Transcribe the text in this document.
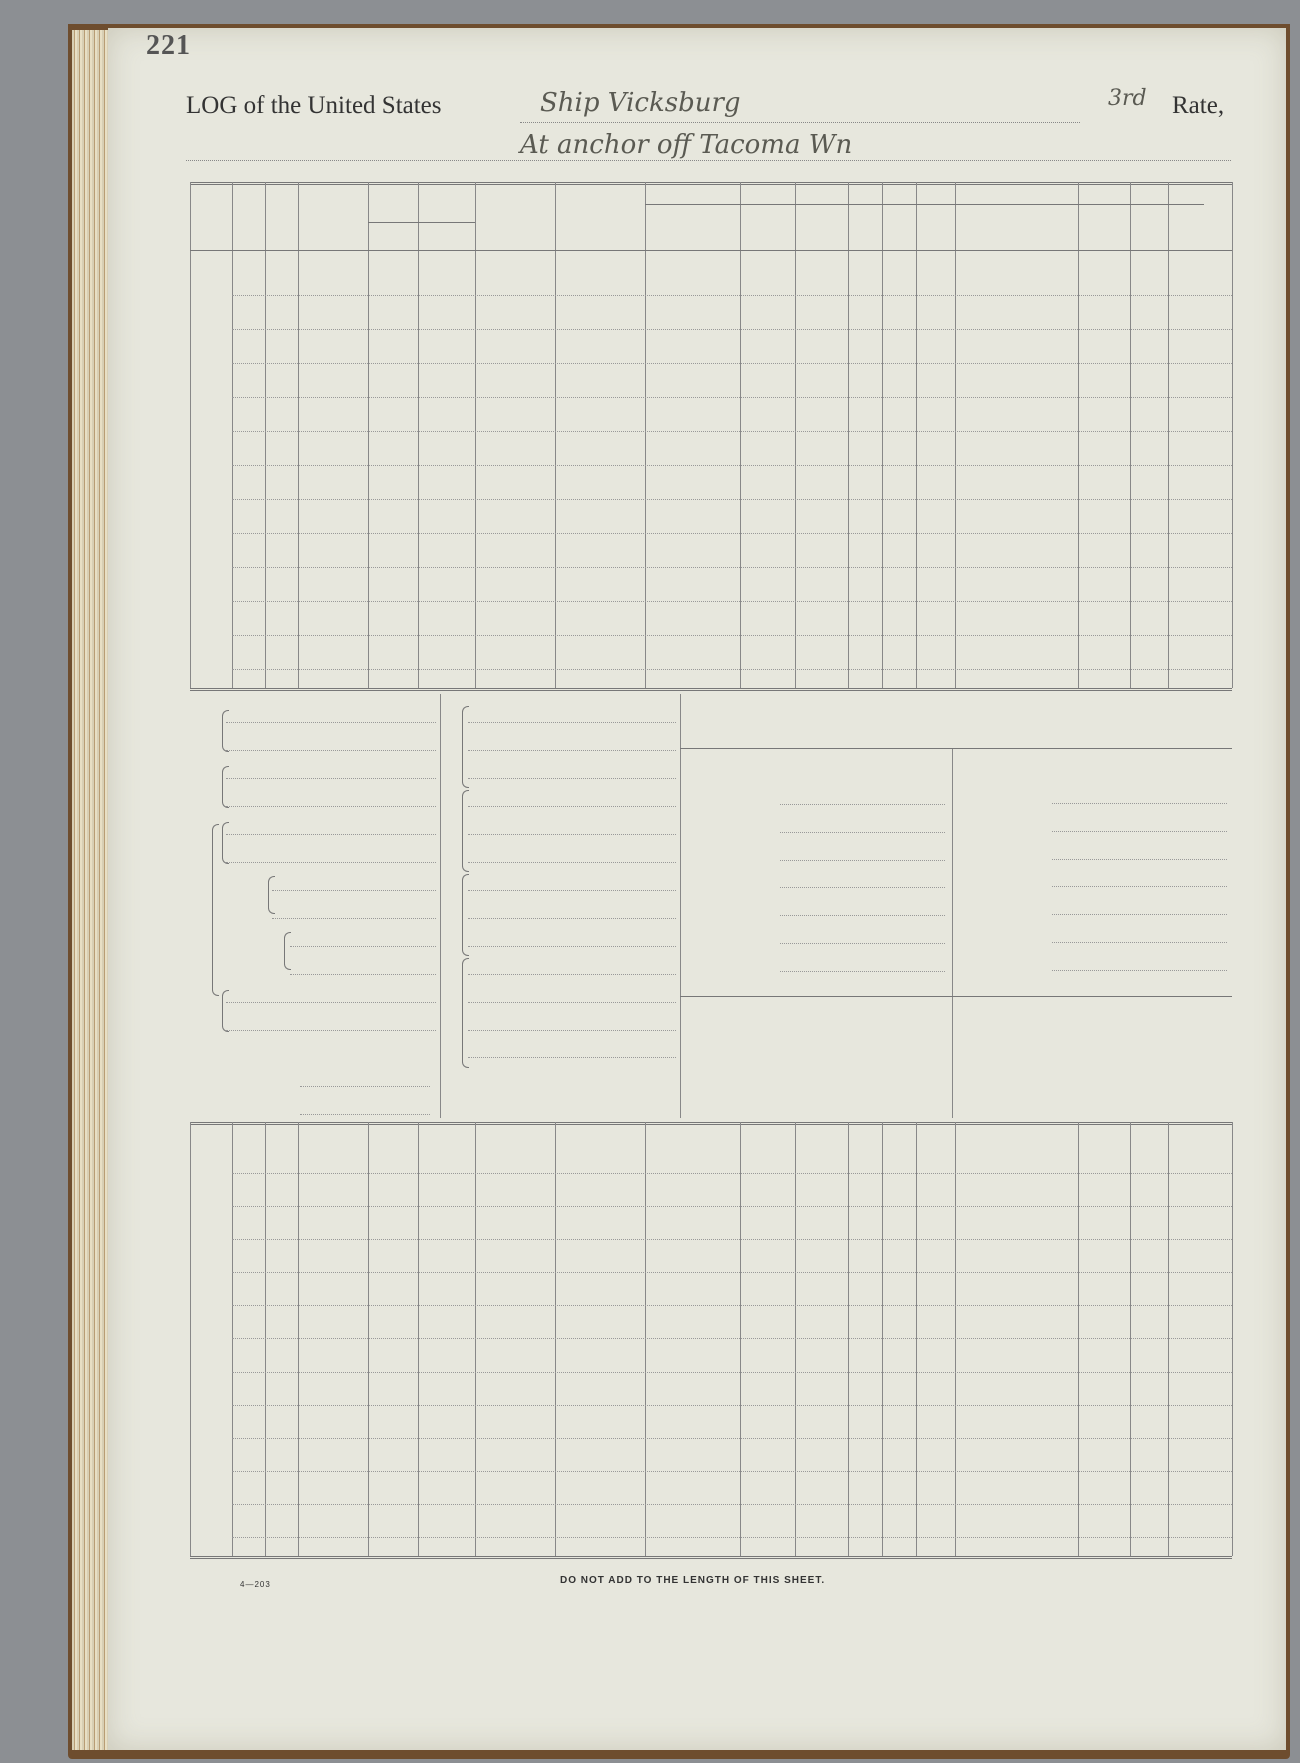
221
LOG of the United States	Ship Vicksburg	3rd Rate,
At anchor off Tacoma Wn
4—203	DO NOT ADD TO THE LENGTH OF THIS SHEET.
